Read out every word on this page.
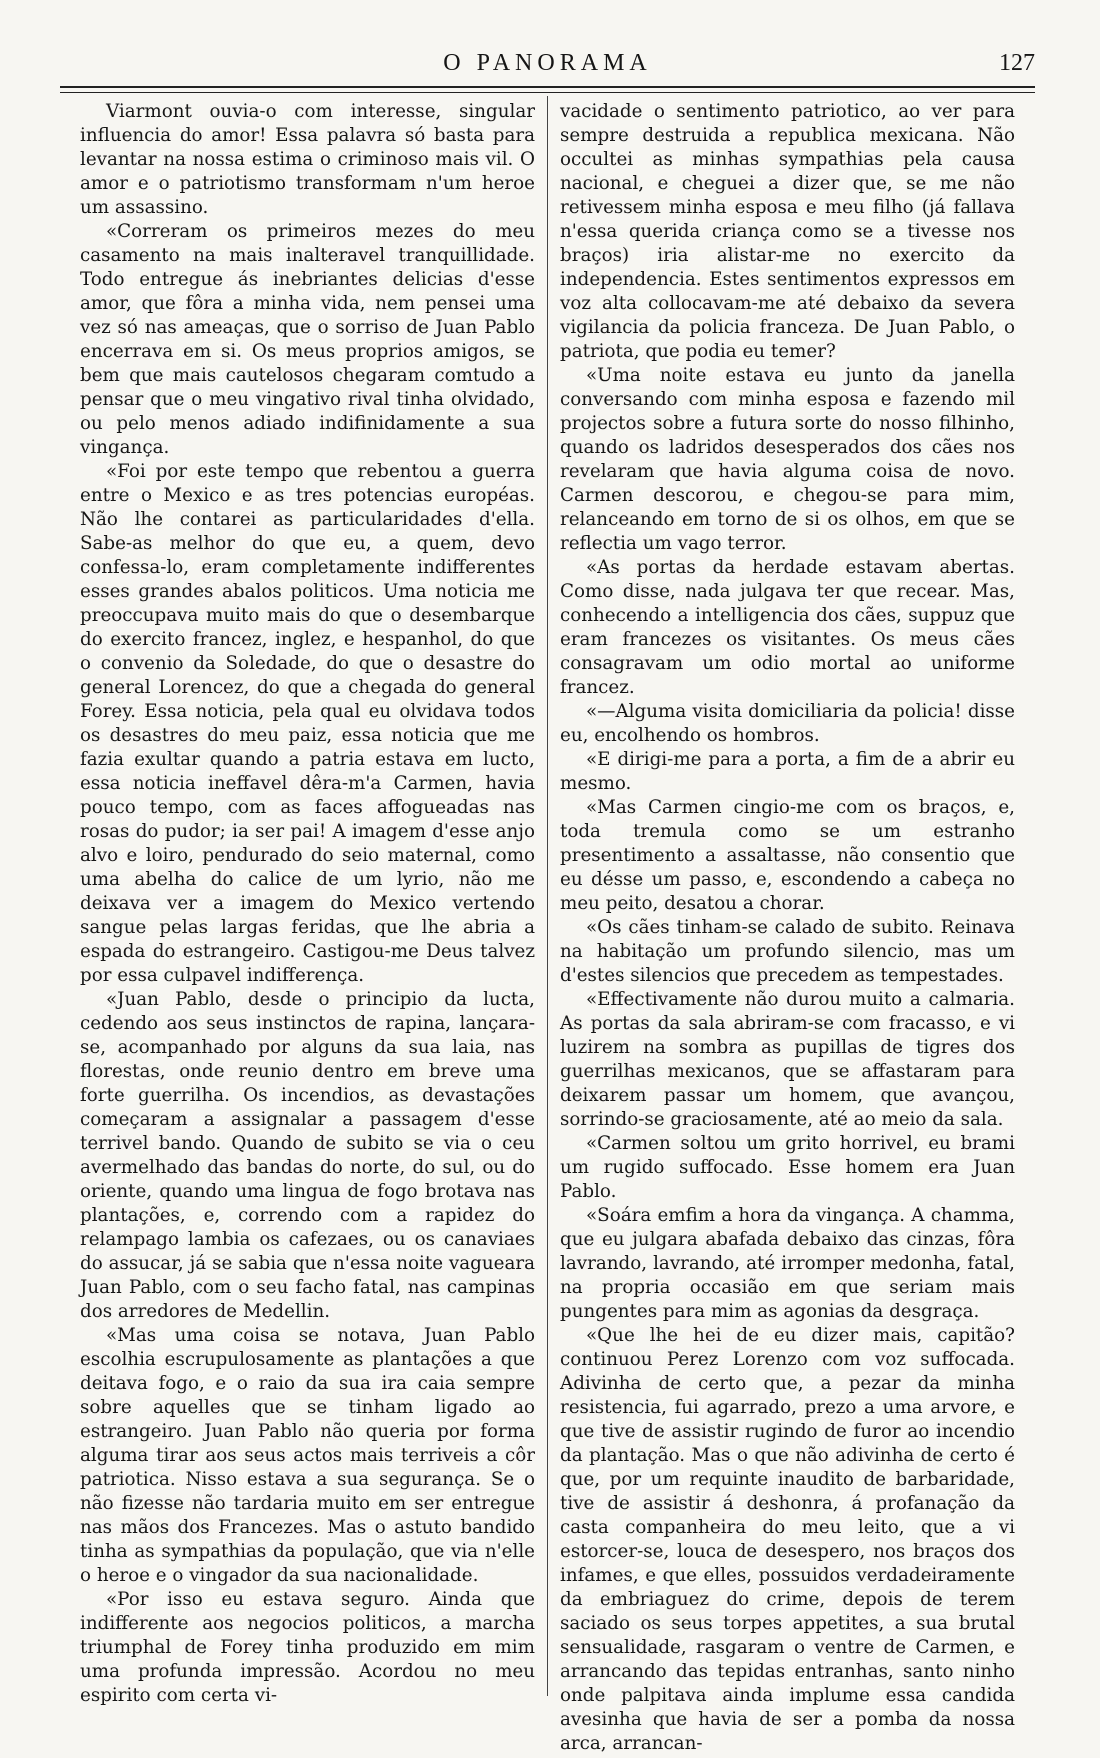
O PANORAMA	127

Viarmont ouvia-o com interesse, singular influencia do amor! Essa palavra só basta para levantar na nossa estima o criminoso mais vil. O amor e o patriotismo transformam n'um heroe um assassino.

«Correram os primeiros mezes do meu casamento na mais inalteravel tranquillidade. Todo entregue ás inebriantes delicias d'esse amor, que fôra a minha vida, nem pensei uma vez só nas ameaças, que o sorriso de Juan Pablo encerrava em si. Os meus proprios amigos, se bem que mais cautelosos chegaram comtudo a pensar que o meu vingativo rival tinha olvidado, ou pelo menos adiado indifinidamente a sua vingança.

«Foi por este tempo que rebentou a guerra entre o Mexico e as tres potencias européas. Não lhe contarei as particularidades d'ella. Sabe-as melhor do que eu, a quem, devo confessa-lo, eram completamente indifferentes esses grandes abalos politicos. Uma noticia me preoccupava muito mais do que o desembarque do exercito francez, inglez, e hespanhol, do que o convenio da Soledade, do que o desastre do general Lorencez, do que a chegada do general Forey. Essa noticia, pela qual eu olvidava todos os desastres do meu paiz, essa noticia que me fazia exultar quando a patria estava em lucto, essa noticia ineffavel dêra-m'a Carmen, havia pouco tempo, com as faces affogueadas nas rosas do pudor; ia ser pai! A imagem d'esse anjo alvo e loiro, pendurado do seio maternal, como uma abelha do calice de um lyrio, não me deixava ver a imagem do Mexico vertendo sangue pelas largas feridas, que lhe abria a espada do estrangeiro. Castigou-me Deus talvez por essa culpavel indifferença.

«Juan Pablo, desde o principio da lucta, cedendo aos seus instinctos de rapina, lançara-se, acompanhado por alguns da sua laia, nas florestas, onde reunio dentro em breve uma forte guerrilha. Os incendios, as devastações começaram a assignalar a passagem d'esse terrivel bando. Quando de subito se via o ceu avermelhado das bandas do norte, do sul, ou do oriente, quando uma lingua de fogo brotava nas plantações, e, correndo com a rapidez do relampago lambia os cafezaes, ou os canaviaes do assucar, já se sabia que n'essa noite vagueara Juan Pablo, com o seu facho fatal, nas campinas dos arredores de Medellin.

«Mas uma coisa se notava, Juan Pablo escolhia escrupulosamente as plantações a que deitava fogo, e o raio da sua ira caia sempre sobre aquelles que se tinham ligado ao estrangeiro. Juan Pablo não queria por forma alguma tirar aos seus actos mais terriveis a côr patriotica. Nisso estava a sua segurança. Se o não fizesse não tardaria muito em ser entregue nas mãos dos Francezes. Mas o astuto bandido tinha as sympathias da população, que via n'elle o heroe e o vingador da sua nacionalidade.

«Por isso eu estava seguro. Ainda que indifferente aos negocios politicos, a marcha triumphal de Forey tinha produzido em mim uma profunda impressão. Acordou no meu espirito com certa vi-

vacidade o sentimento patriotico, ao ver para sempre destruida a republica mexicana. Não occultei as minhas sympathias pela causa nacional, e cheguei a dizer que, se me não retivessem minha esposa e meu filho (já fallava n'essa querida criança como se a tivesse nos braços) iria alistar-me no exercito da independencia. Estes sentimentos expressos em voz alta collocavam-me até debaixo da severa vigilancia da policia franceza. De Juan Pablo, o patriota, que podia eu temer?

«Uma noite estava eu junto da janella conversando com minha esposa e fazendo mil projectos sobre a futura sorte do nosso filhinho, quando os ladridos desesperados dos cães nos revelaram que havia alguma coisa de novo. Carmen descorou, e chegou-se para mim, relanceando em torno de si os olhos, em que se reflectia um vago terror.

«As portas da herdade estavam abertas. Como disse, nada julgava ter que recear. Mas, conhecendo a intelligencia dos cães, suppuz que eram francezes os visitantes. Os meus cães consagravam um odio mortal ao uniforme francez.

«—Alguma visita domiciliaria da policia! disse eu, encolhendo os hombros.

«E dirigi-me para a porta, a fim de a abrir eu mesmo.

«Mas Carmen cingio-me com os braços, e, toda tremula como se um estranho presentimento a assaltasse, não consentio que eu désse um passo, e, escondendo a cabeça no meu peito, desatou a chorar.

«Os cães tinham-se calado de subito. Reinava na habitação um profundo silencio, mas um d'estes silencios que precedem as tempestades.

«Effectivamente não durou muito a calmaria. As portas da sala abriram-se com fracasso, e vi luzirem na sombra as pupillas de tigres dos guerrilhas mexicanos, que se affastaram para deixarem passar um homem, que avançou, sorrindo-se graciosamente, até ao meio da sala.

«Carmen soltou um grito horrivel, eu brami um rugido suffocado. Esse homem era Juan Pablo.

«Soára emfim a hora da vingança. A chamma, que eu julgara abafada debaixo das cinzas, fôra lavrando, lavrando, até irromper medonha, fatal, na propria occasião em que seriam mais pungentes para mim as agonias da desgraça.

«Que lhe hei de eu dizer mais, capitão? continuou Perez Lorenzo com voz suffocada. Adivinha de certo que, a pezar da minha resistencia, fui agarrado, prezo a uma arvore, e que tive de assistir rugindo de furor ao incendio da plantação. Mas o que não adivinha de certo é que, por um requinte inaudito de barbaridade, tive de assistir á deshonra, á profanação da casta companheira do meu leito, que a vi estorcer-se, louca de desespero, nos braços dos infames, e que elles, possuidos verdadeiramente da embriaguez do crime, depois de terem saciado os seus torpes appetites, a sua brutal sensualidade, rasgaram o ventre de Carmen, e arrancando das tepidas entranhas, santo ninho onde palpitava ainda implume essa candida avesinha que havia de ser a pomba da nossa arca, arrancan-
